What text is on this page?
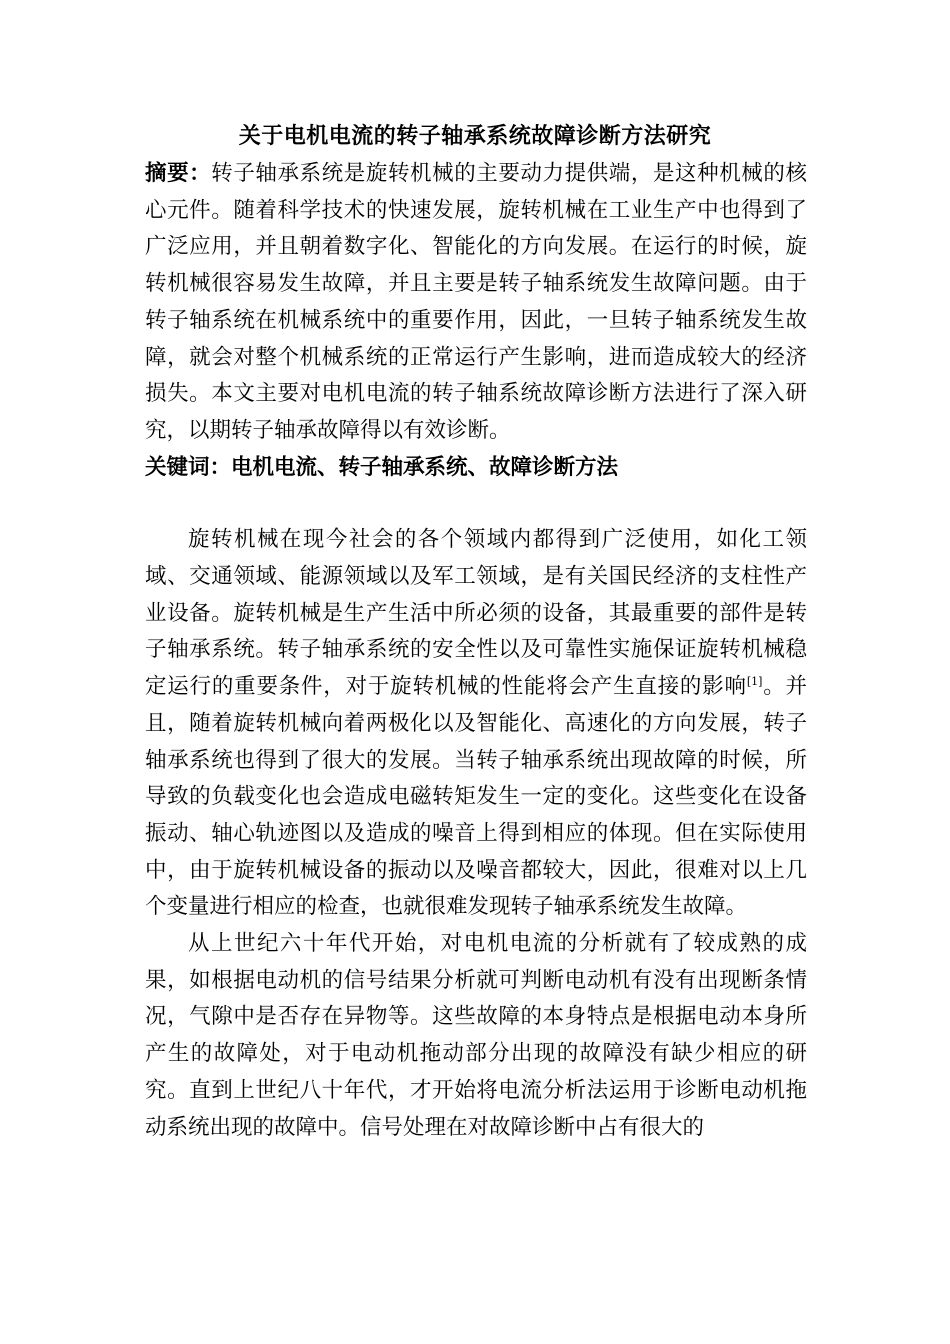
关于电机电流的转子轴承系统故障诊断方法研究

摘要：转子轴承系统是旋转机械的主要动力提供端，是这种机械的核心元件。随着科学技术的快速发展，旋转机械在工业生产中也得到了广泛应用，并且朝着数字化、智能化的方向发展。在运行的时候，旋转机械很容易发生故障，并且主要是转子轴系统发生故障问题。由于转子轴系统在机械系统中的重要作用，因此，一旦转子轴系统发生故障，就会对整个机械系统的正常运行产生影响，进而造成较大的经济损失。本文主要对电机电流的转子轴系统故障诊断方法进行了深入研究，以期转子轴承故障得以有效诊断。

关键词：电机电流、转子轴承系统、故障诊断方法

旋转机械在现今社会的各个领域内都得到广泛使用，如化工领域、交通领域、能源领域以及军工领域，是有关国民经济的支柱性产业设备。旋转机械是生产生活中所必须的设备，其最重要的部件是转子轴承系统。转子轴承系统的安全性以及可靠性实施保证旋转机械稳定运行的重要条件，对于旋转机械的性能将会产生直接的影响[1]。并且，随着旋转机械向着两极化以及智能化、高速化的方向发展，转子轴承系统也得到了很大的发展。当转子轴承系统出现故障的时候，所导致的负载变化也会造成电磁转矩发生一定的变化。这些变化在设备振动、轴心轨迹图以及造成的噪音上得到相应的体现。但在实际使用中，由于旋转机械设备的振动以及噪音都较大，因此，很难对以上几个变量进行相应的检查，也就很难发现转子轴承系统发生故障。

从上世纪六十年代开始，对电机电流的分析就有了较成熟的成果，如根据电动机的信号结果分析就可判断电动机有没有出现断条情况，气隙中是否存在异物等。这些故障的本身特点是根据电动本身所产生的故障处，对于电动机拖动部分出现的故障没有缺少相应的研究。直到上世纪八十年代，才开始将电流分析法运用于诊断电动机拖动系统出现的故障中。信号处理在对故障诊断中占有很大的
